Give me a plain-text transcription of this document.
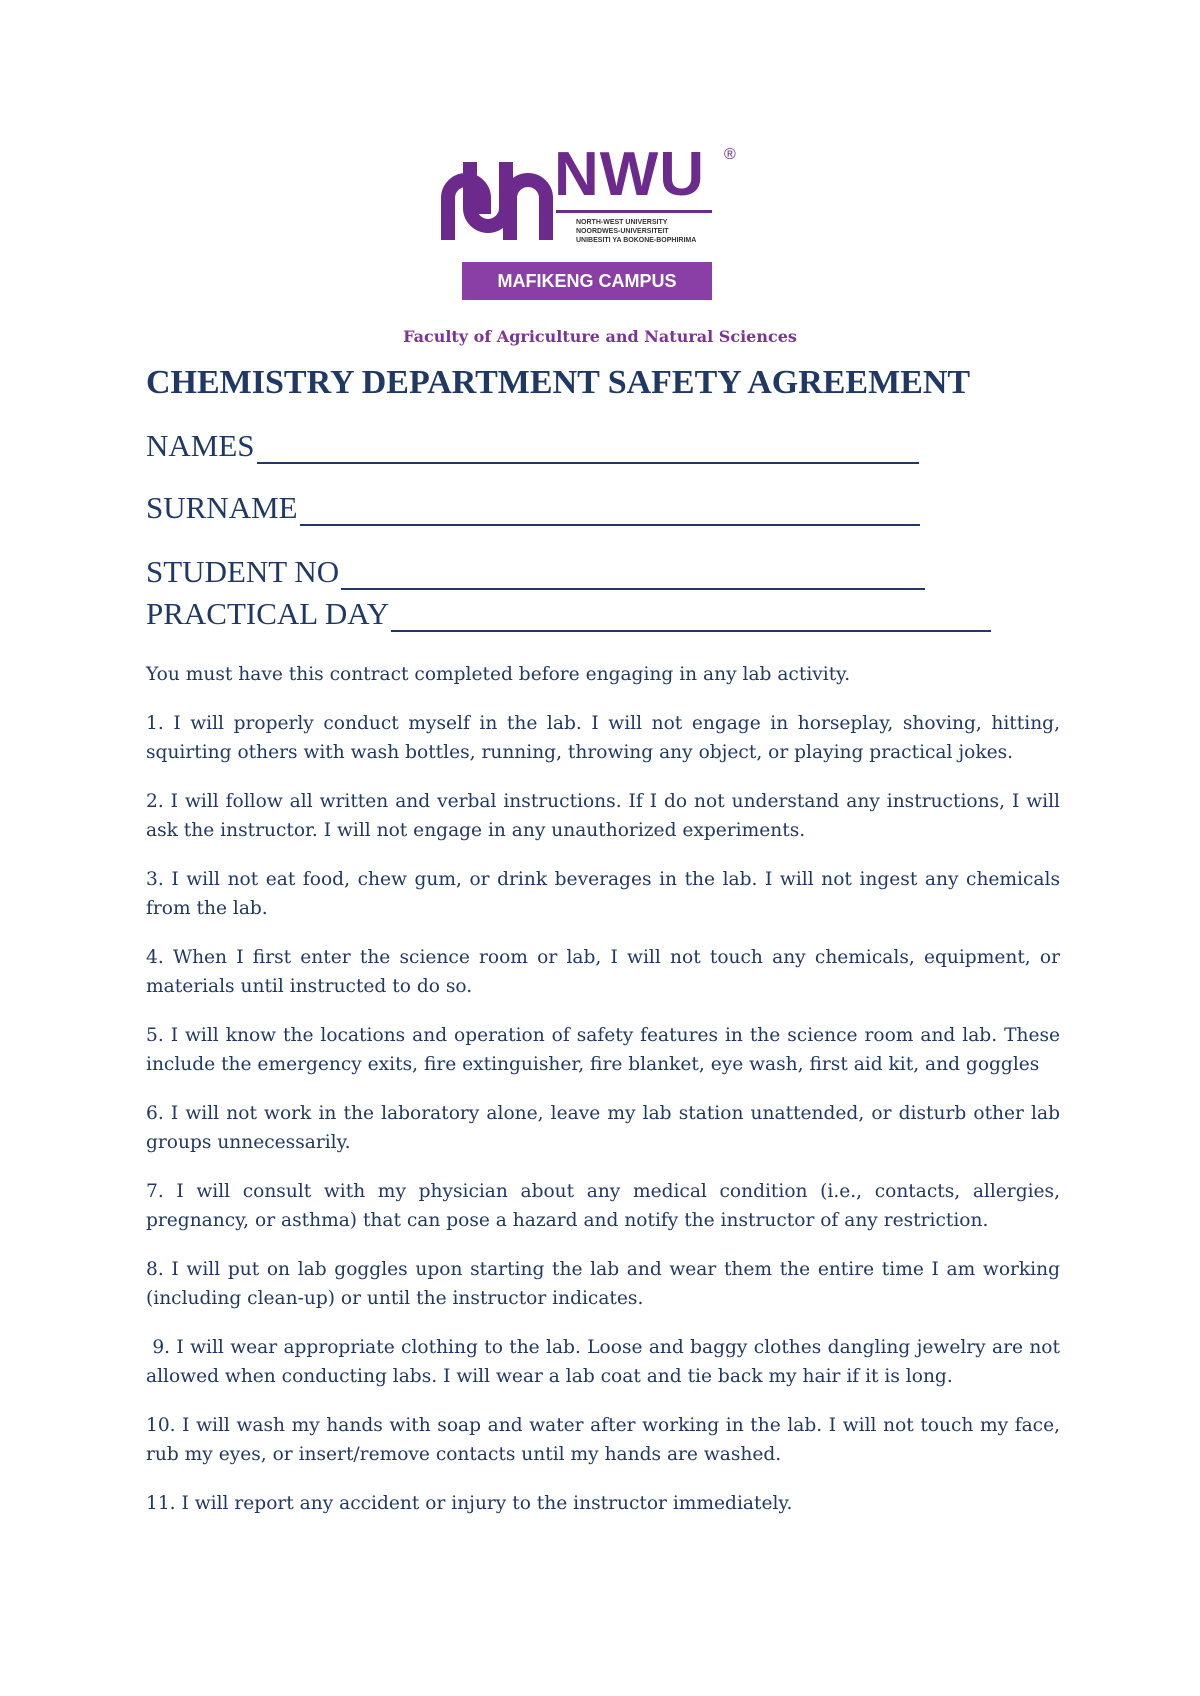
NWU ®
NORTH-WEST UNIVERSITY
NOORDWES-UNIVERSITEIT
UNIBESITI YA BOKONE-BOPHIRIMA
MAFIKENG CAMPUS
Faculty of Agriculture and Natural Sciences
CHEMISTRY DEPARTMENT SAFETY AGREEMENT
NAMES
SURNAME
STUDENT NO
PRACTICAL DAY

You must have this contract completed before engaging in any lab activity.

1. I will properly conduct myself in the lab. I will not engage in horseplay, shoving, hitting, squirting others with wash bottles, running, throwing any object, or playing practical jokes.

2. I will follow all written and verbal instructions. If I do not understand any instructions, I will ask the instructor. I will not engage in any unauthorized experiments.

3. I will not eat food, chew gum, or drink beverages in the lab. I will not ingest any chemicals from the lab.

4. When I first enter the science room or lab, I will not touch any chemicals, equipment, or materials until instructed to do so.

5. I will know the locations and operation of safety features in the science room and lab. These include the emergency exits, fire extinguisher, fire blanket, eye wash, first aid kit, and goggles

6. I will not work in the laboratory alone, leave my lab station unattended, or disturb other lab groups unnecessarily.

7. I will consult with my physician about any medical condition (i.e., contacts, allergies, pregnancy, or asthma) that can pose a hazard and notify the instructor of any restriction.

8. I will put on lab goggles upon starting the lab and wear them the entire time I am working (including clean-up) or until the instructor indicates.

9. I will wear appropriate clothing to the lab. Loose and baggy clothes dangling jewelry are not allowed when conducting labs. I will wear a lab coat and tie back my hair if it is long.

10. I will wash my hands with soap and water after working in the lab. I will not touch my face, rub my eyes, or insert/remove contacts until my hands are washed.

11. I will report any accident or injury to the instructor immediately.
